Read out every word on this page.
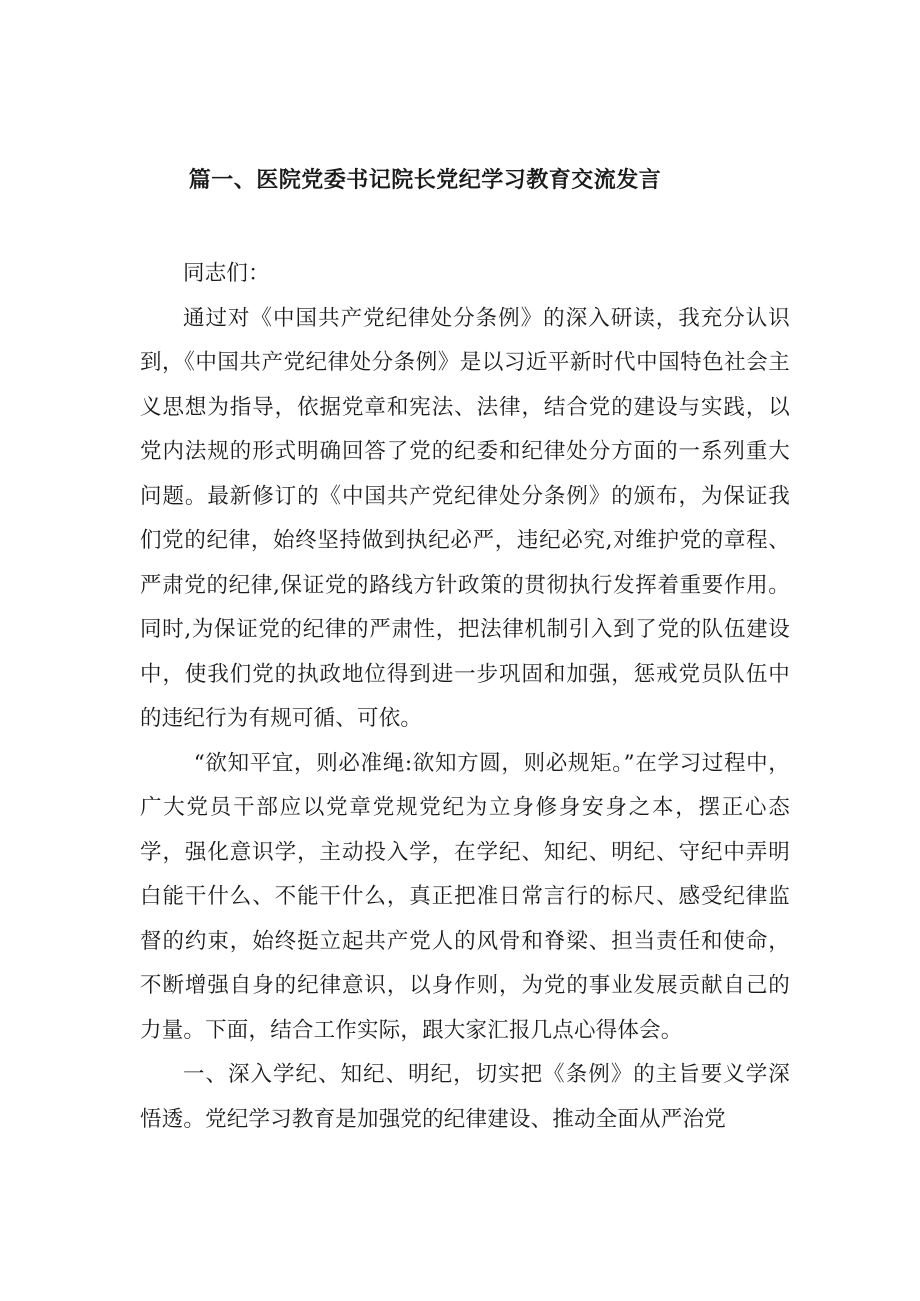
篇一、医院党委书记院长党纪学习教育交流发言

同志们：

通过对《中国共产党纪律处分条例》的深入研读，我充分认识到，《中国共产党纪律处分条例》是以习近平新时代中国特色社会主义思想为指导，依据党章和宪法、法律，结合党的建设与实践，以党内法规的形式明确回答了党的纪委和纪律处分方面的一系列重大问题。最新修订的《中国共产党纪律处分条例》的颁布，为保证我们党的纪律，始终坚持做到执纪必严，违纪必究,对维护党的章程、严肃党的纪律,保证党的路线方针政策的贯彻执行发挥着重要作用。同时,为保证党的纪律的严肃性，把法律机制引入到了党的队伍建设中，使我们党的执政地位得到进一步巩固和加强，惩戒党员队伍中的违纪行为有规可循、可依。

“欲知平宜，则必准绳:欲知方圆，则必规矩。”在学习过程中，广大党员干部应以党章党规党纪为立身修身安身之本，摆正心态学，强化意识学，主动投入学，在学纪、知纪、明纪、守纪中弄明白能干什么、不能干什么，真正把准日常言行的标尺、感受纪律监督的约束，始终挺立起共产党人的风骨和脊梁、担当责任和使命，不断增强自身的纪律意识，以身作则，为党的事业发展贡献自己的力量。下面，结合工作实际，跟大家汇报几点心得体会。

一、深入学纪、知纪、明纪，切实把《条例》的主旨要义学深悟透。党纪学习教育是加强党的纪律建设、推动全面从严治党
